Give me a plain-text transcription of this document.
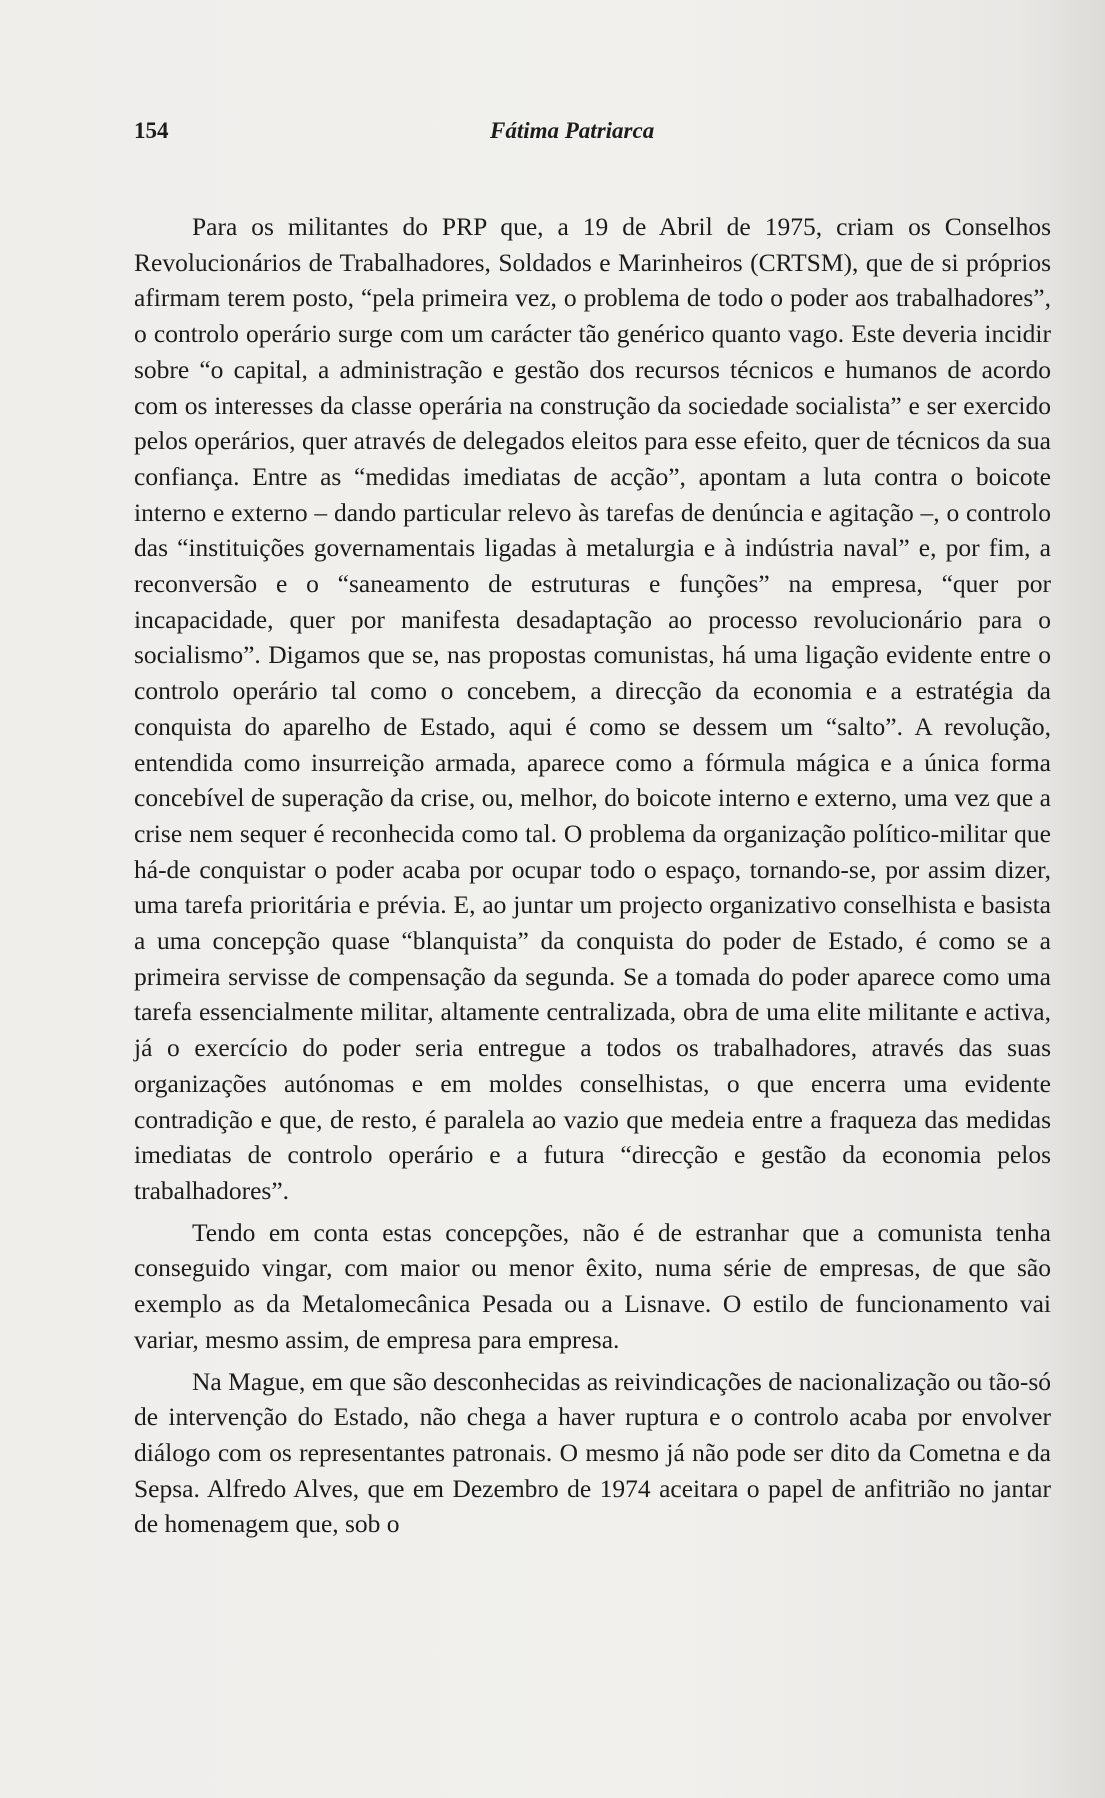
154	Fátima Patriarca

Para os militantes do PRP que, a 19 de Abril de 1975, criam os Conselhos Revolucionários de Trabalhadores, Soldados e Marinheiros (CRTSM), que de si próprios afirmam terem posto, “pela primeira vez, o problema de todo o poder aos trabalhadores”, o controlo operário surge com um carácter tão genérico quanto vago. Este deveria incidir sobre “o capital, a administração e gestão dos recursos técnicos e humanos de acordo com os interesses da classe operária na construção da sociedade socialista” e ser exercido pelos operários, quer através de delegados eleitos para esse efeito, quer de técnicos da sua confiança. Entre as “medidas imediatas de acção”, apontam a luta contra o boicote interno e externo – dando particular relevo às tarefas de denúncia e agitação –, o controlo das “instituições governamentais ligadas à metalurgia e à indústria naval” e, por fim, a reconversão e o “saneamento de estruturas e funções” na empresa, “quer por incapacidade, quer por manifesta desadaptação ao processo revolucionário para o socialismo”. Digamos que se, nas propostas comunistas, há uma ligação evidente entre o controlo operário tal como o concebem, a direcção da economia e a estratégia da conquista do aparelho de Estado, aqui é como se dessem um “salto”. A revolução, entendida como insurreição armada, aparece como a fórmula mágica e a única forma concebível de superação da crise, ou, melhor, do boicote interno e externo, uma vez que a crise nem sequer é reconhecida como tal. O problema da organização político-militar que há-de conquistar o poder acaba por ocupar todo o espaço, tornando-se, por assim dizer, uma tarefa prioritária e prévia. E, ao juntar um projecto organizativo conselhista e basista a uma concepção quase “blanquista” da conquista do poder de Estado, é como se a primeira servisse de compensação da segunda. Se a tomada do poder aparece como uma tarefa essencialmente militar, altamente centralizada, obra de uma elite militante e activa, já o exercício do poder seria entregue a todos os trabalhadores, através das suas organizações autónomas e em moldes conselhistas, o que encerra uma evidente contradição e que, de resto, é paralela ao vazio que medeia entre a fraqueza das medidas imediatas de controlo operário e a futura “direcção e gestão da economia pelos trabalhadores”.

Tendo em conta estas concepções, não é de estranhar que a comunista tenha conseguido vingar, com maior ou menor êxito, numa série de empresas, de que são exemplo as da Metalomecânica Pesada ou a Lisnave. O estilo de funcionamento vai variar, mesmo assim, de empresa para empresa.

Na Mague, em que são desconhecidas as reivindicações de nacionalização ou tão-só de intervenção do Estado, não chega a haver ruptura e o controlo acaba por envolver diálogo com os representantes patronais. O mesmo já não pode ser dito da Cometna e da Sepsa. Alfredo Alves, que em Dezembro de 1974 aceitara o papel de anfitrião no jantar de homenagem que, sob o
